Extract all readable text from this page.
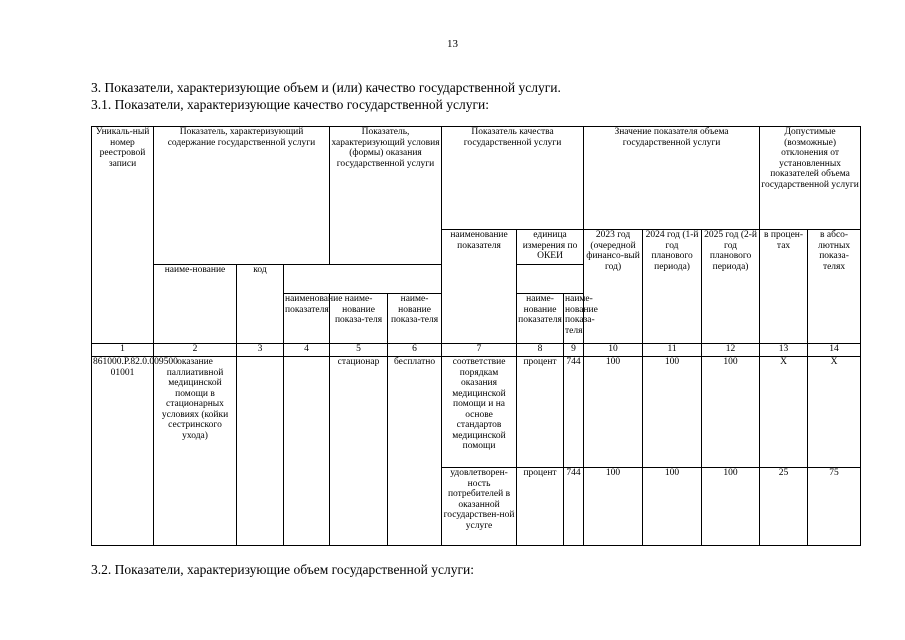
13
3. Показатели, характеризующие объем и (или) качество государственной услуги.
3.1. Показатели, характеризующие качество государственной услуги:
Уникаль-ный номер реестровой записи	Показатель, характеризующий содержание государственной услуги			Показатель, характеризующий условия (формы) оказания государственной услуги		Показатель качества государственной услуги			Значение показателя объема государственной услуги			Допустимые (возможные) отклонения от установленных показателей объема государственной услуги	
						наименование показателя	единица измерения по ОКЕИ		2023 год (очередной финансо-вый год)	2024 год (1-й год планового периода)	2025 год (2-й год планового периода)	в процен-тах	в абсо-лютных показа-телях
	наиме-нование	код											
			наименование показателя	наиме-нование показа-теля	наиме-нование показа-теля		наиме-нование показателя	наиме-нование показа-теля					
1	2	3	4	5	6	7	8	9	10	11	12	13	14
861000.Р.82.0.009500 01001	оказание паллиативной медицинской помощи в стационарных условиях (койки сестринского ухода)			стационар	бесплатно	соответствие порядкам оказания медицинской помощи и на основе стандартов медицинской помощи	процент	744	100	100	100	X	X
						удовлетворен-ность потребителей в оказанной государствен-ной услуге	процент	744	100	100	100	25	75
3.2. Показатели, характеризующие объем государственной услуги:
